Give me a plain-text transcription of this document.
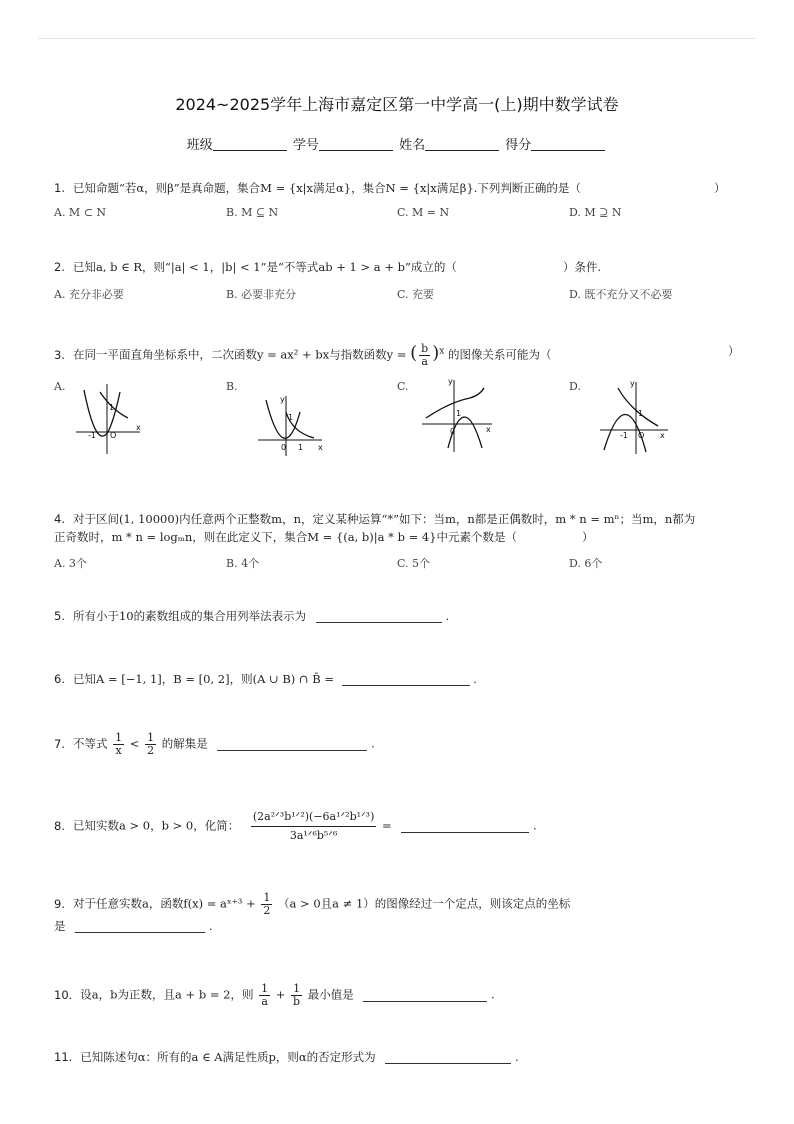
2024~2025学年上海市嘉定区第一中学高一(上)期中数学试卷
班级	学号	姓名	得分
1. 已知命题“若α，则β”是真命题，集合M = {x|x满足α}，集合N = {x|x满足β}.下列判断正确的是（	）
A. M ⊂ N	B. M ⊆ N	C. M = N	D. M ⊇ N
2. 已知a, b ∈ R，则“|a| < 1，|b| < 1”是“不等式ab + 1 > a + b”成立的（	）条件.
A. 充分非必要	B. 必要非充分	C. 充要	D. 既不充分又不必要
3. 在同一平面直角坐标系中，二次函数y = ax² + bx与指数函数y = ( $\frac{b}{a} )^x$ 的图像关系可能为（	）
A.	B.	C.	D.
-1 O
x
1
y
1
0 1 x
y
1
0	x
y
1
-1 O x
4. 对于区间(1, 10000)内任意两个正整数m，n，定义某种运算“*”如下：当m，n都是正偶数时，m * n = mⁿ；当m，n都为
正奇数时，m * n = logₘn，则在此定义下，集合M = {(a, b)|a * b = 4}中元素个数是（	）
A. 3个	B. 4个	C. 5个	D. 6个
5. 所有小于10的素数组成的集合用列举法表示为	.
6. 已知A = [−1, 1]，B = [0, 2]，则(A ∪ B) ∩ B̄ =	.
7. 不等式 $\frac{1}{x} < \frac{1}{2}$ 的解集是	.
8. 已知实数a > 0，b > 0，化简： $\frac{\text{(2a²ᐟ³b¹ᐟ²)(−6a¹ᐟ²b¹ᐟ³)}}{\text{3a¹ᐟ⁶b⁵ᐟ⁶}}$ =	.
9. 对于任意实数a，函数f(x) = aˣ⁺³ + $\frac{1}{2} (a > 0$且a ≠ 1）的图像经过一个定点，则该定点的坐标
是	.
10. 设a，b为正数，且a + b = 2，则 $\frac{1}{a} + \frac{1}{b}$ 最小值是	.
11. 已知陈述句α：所有的a ∈ A满足性质p，则α的否定形式为	.
